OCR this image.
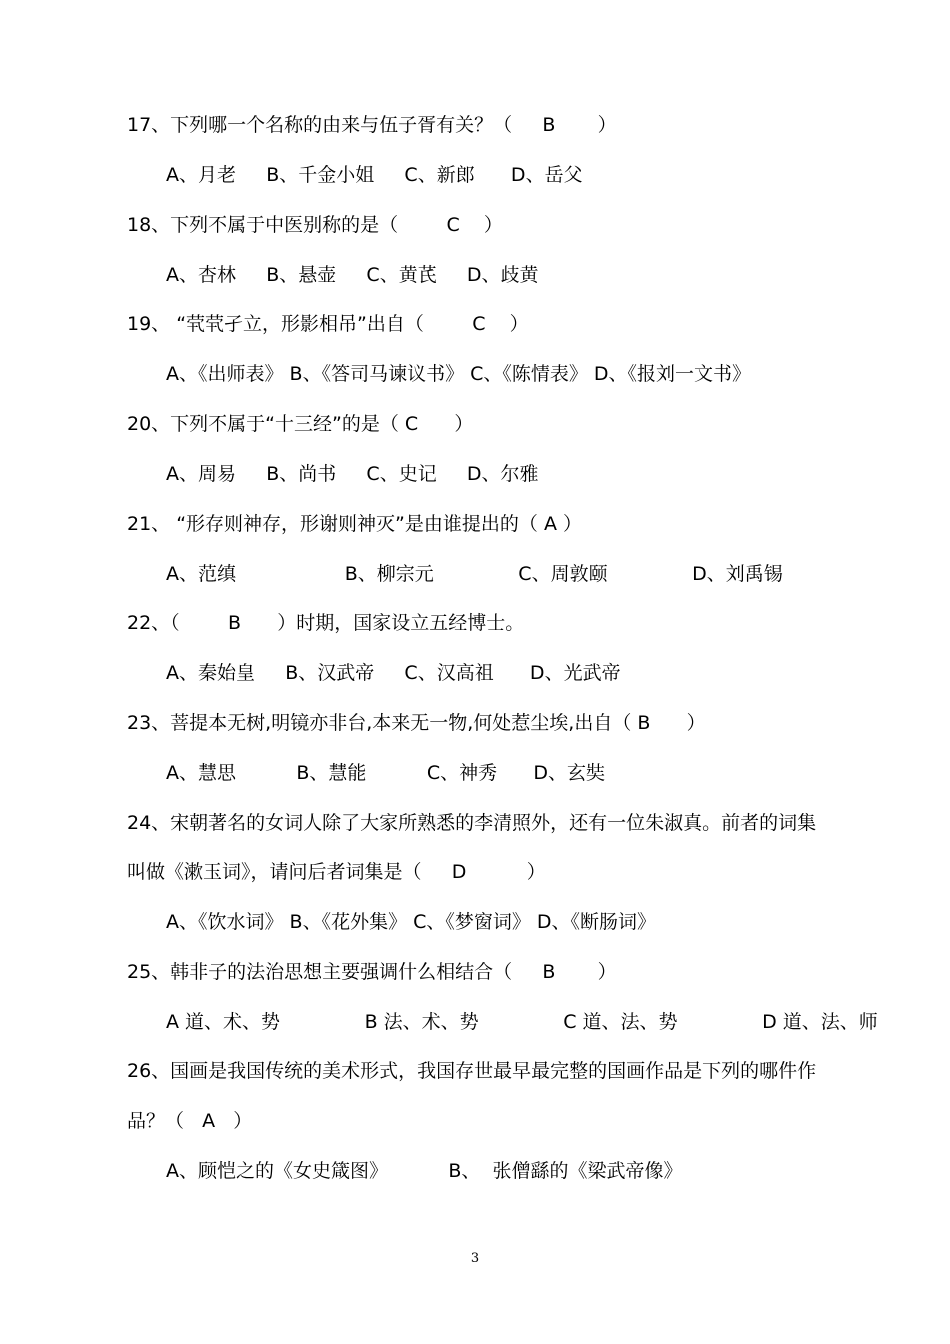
17、下列哪一个名称的由来与伍子胥有关？（     B       ）
A、月老     B、千金小姐     C、新郎      D、岳父
18、下列不属于中医别称的是（        C    ）
A、杏林     B、悬壶     C、黄芪     D、歧黄
19、 “茕茕孑立，形影相吊”出自（        C    ）
A、《出师表》 B、《答司马谏议书》 C、《陈情表》 D、《报刘一文书》
20、下列不属于“十三经”的是（ C      ）
A、周易     B、尚书     C、史记     D、尔雅
21、 “形存则神存，形谢则神灭”是由谁提出的（ A ）
A、范缜                  B、柳宗元              C、周敦颐              D、刘禹锡
22、（        B      ）时期，国家设立五经博士。
A、秦始皇     B、汉武帝     C、汉高祖      D、光武帝
23、菩提本无树,明镜亦非台,本来无一物,何处惹尘埃,出自（ B      ）
A、慧思          B、慧能          C、神秀      D、玄奘
24、宋朝著名的女词人除了大家所熟悉的李清照外，还有一位朱淑真。前者的词集
叫做《漱玉词》，请问后者词集是（     D          ）
A、《饮水词》 B、《花外集》 C、《梦窗词》 D、《断肠词》
25、韩非子的法治思想主要强调什么相结合（     B       ）
A 道、术、势              B 法、术、势              C 道、法、势              D 道、法、师
26、国画是我国传统的美术形式，我国存世最早最完整的国画作品是下列的哪件作
品？（   A   ）
A、顾恺之的《女史箴图》          B、  张僧繇的《梁武帝像》
3
